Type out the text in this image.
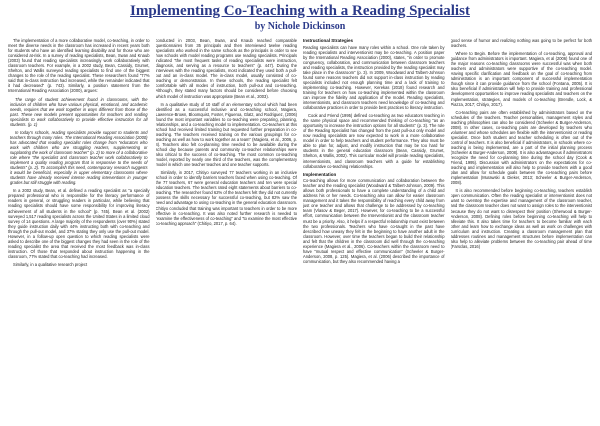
Implementing Co-Teaching with a Reading Specialist
by Nichole Dickinson

The implementation of a more collaborative model, co-teaching, in order to meet the diverse needs in the classroom has increased in recent years both for students who have an identified learning disability and for those who are considered at-risk. In a survey of reading specialists, Bean, Swan and Knaub (2003) found that reading specialists increasingly work collaboratively with classroom teachers. For example, in a 2002 study, Bean, Cassidy, Grumet, Shelton, and Wallis surveyed reading specialists to find one of the biggest changes to the role of the reading specialist. These researchers found "77% said that in-class instruction had increased, while the remainder indicated that it had decreased" (p. 743). Similarly, a position statement from the International Reading Association (2000), argues:

The range of student achievement found in classrooms, with the inclusion of children who have various physical, emotional, and academic needs, requires that we work together in ways different from those of the past. These new models present opportunities for teachers and reading specialists to work collaboratively to provide effective instruction for all students. (p. 1)

In today's schools, reading specialists provide support to students and teachers through many roles. The International Reading Association (2000) has advocated that reading specialist roles change from "educators who work with children who are struggling readers, supplementing or supplanting the work of classroom teacher" (p. 2) to more of a collaborative role where "the specialist and classroom teacher work collaboratively to implement a quality reading program that is responsive to the needs of students" (p. 2). To accomplish this need, contemporary research suggests it would be beneficial, especially in upper elementary classrooms where students have already received intense reading interventions in younger grades but still struggle with reading.

In a 2002 study, Bean, et al. defined a reading specialist as "a specially prepared professional who is responsible for the literacy performance of readers in general, or struggling readers in particular, while believing that reading specialists should have some responsibility for improving literacy achievement of all students in the school" (p. 745). Bean et al. (2002) surveyed 1,517 reading specialists across the United States in a limited cloud survey of 14 questions. A large majority of the respondents (over 90%) stated they guide instruction daily with 44% instructing both with co-teaching and through the pull-out model, and 37% stating they only use the pull-out model. However, in a follow-up open question to which reading specialists were asked to describe one of the biggest changes they had seen in the role of the reading specialist the area that received the most feedback was in-class instruction. Of those that responded about instruction happening in the classroom, 77% stated that co-teaching had increased.

Similarly, in a qualitative research project

conducted in 2003, Bean, Swan, and Knaub reached comparable questionnaires from 35 principals and then interviewed twelve reading specialists who worked in the same schools as the principals in order to see how schools with model reading programs use reading specialists. Principals indicated "the most frequent tasks of reading specialists were instruction, diagnosis, and serving as a resource to teachers" (p. 447). During the interviews with the reading specialists, most indicated they used both a pull-out and an in-class model. The in-class model, usually consisted of co-teaching or demonstration. In these schools, the reading specialist felt comfortable with all modes of instruction, both pull-out and co-teaching. Although, they stated many factors should be considered before choosing which model of instruction was appropriate (Bean et al., 2003).

In a qualitative study of 10 staff of an elementary school which had been identified as a successful inclusive and co-teaching school, Magiera, Lawrence-Brown, Bloomquist, Foster, Figueroa, Glatz, and Rodriguez, (2006) found the most important variables to co-teaching were preparing, planning, relationships, and a co-teaching model to implementation. Co-teachers at this school had received limited training but requested further preparation in co-teaching. The teachers received training on the various groupings for co-teaching as well as how to work together as a team" (Magiera, et al., 2006, p. 4). Teachers also felt co-planning time needed to be available during the school day because parents and community co-teacher relationships were also critical to the success of co-teaching. The most common co-teaching model, reported by nearly one third of the teachers, was the complementary model in which one teacher teaches and one teacher supports.

Similarly, in 2017, Chitiyo surveyed 77 teachers working in an inclusive school in order to identify barriers teachers faced when using co-teaching. Of the 77 teachers, 67 were general education teachers and ten were special education teachers. The teachers rated eight statements about barriers to co-teaching. The researcher found 62% of the teachers felt they did not currently possess the skills necessary for successful co-teaching, but 82% saw the need and advantage to using co-teaching in the general education classroom. Chitiyo concluded that training was important to teachers in order to be more effective in co-teaching. It was also noted further research is needed to "examine the effectiveness of co-teaching" and "to examine the most effective co-teaching approach" (Chitiyo, 2017, p. 64).

Instructional Strategies

Reading specialists can have many roles within a school. One role taken by reading specialists and interventionist may be co-teaching. A position paper by the International Reading Association (2000), states, "in order to promote congruency, collaboration, and communication between classroom teachers and reading specialists, the instruction provided by the reading specialist may take place in the classroom" (p. 3). In 2009, Woodward and Talbert-Johnson found some reasons teachers did not support in-class instruction by reading specialists included not enough planning time and a lack of training to implementing co-teaching. However, Kerekas (2018) found research and training for teachers on how co-teaching implemented within the classroom can improve the fidelity and application of the model. Reading specialists, interventionists, and classroom teachers need knowledge of co-teaching and collaborative practices in order to provide best practices to literacy instruction.

Cook and Friend (1995) defined co-teaching as two educators teaching in the same physical space and recommended thinking of co-teaching "as an opportunity to increase the instruction options for all students" (p. 3). The role of the Reading Specialist has changed from the past pull-out only model and now reading specialists are now expected to work in a more collaborative model in order to help teachers and student performance. They also must be able to plan for, adjust, and modify instruction that may be too hard for students in the general education classroom (Bean, Cassidy, Grumet, Shelton, & Wallis, 2002). This curricular model will provide reading specialists, interventionists, and classroom teachers with a guide for establishing collaborative co-teaching relationships.

Implementation

Co-teaching allows for more communication and collaboration between the teacher and the reading specialist (Woodward & Talbert-Johnson, 2009). This allows both professionals to have a complete understanding of a child and address his or her needs. Co-teaching also can allow for easier classroom management and it takes the responsibility of reaching every child away from just one teacher and allows that challenge to be addressed by co-teaching team (Vlasov & Beger, 2017). However, for co-teaching to be a successful effort, communication between the Interventionist and the classroom teacher must be a priority. Also, it helps if a respectful relationship must exist between the two professionals. Teachers who have co-taught in the past have described how uneasy they felt in the beginning to have another adult in the classroom. However, over time the teachers began to build their relationship and felt that the children in the classroom did well through the co-teaching experience (Magiera et al., 2006). Co-teachers within the classroom need to have "mutual respect and effective communication" (Scheeler & Burger-Anderson, 2008, p. 125). Magiera, et al. (2006) described the importance of communication, but they also recommended having a

good sense of humor and realizing nothing was going to be perfect for both teachers.

Where to Begin. Before the implementation of co-teaching, approval and guidance from administrators is important. Magiera, et al (2006) found one of the major reasons co-teaching classrooms were successful was when both teachers and administrators were supportive of the co-teaching model. Having specific clarification and feedback on the goal of co-teaching from administration is an important component of successful implementation though since it can provide guidance from the school (Fontana, 2005). It is also beneficial if administration will help to provide training and professional development opportunities to improve reading specialists and teachers on the implementation, strategies, and models of co-teaching (Brendle, Lock, & Piazza, 2017; Chitiyo, 2017).

Co-teaching pairs are often established by administrators based on the schedules of the teachers. Teacher personalities, management styles and teaching philosophies can also be considered (Scheeler & Burger-Anderson, 2008). In other cases, co-teaching pairs are developed by teachers who volunteer and whose schedules are flexible with the interventionist or reading specialist. Once both student and teacher scheduling is often out of the control of teachers. It is also beneficial if administrators, in schools where co-teaching is being implemented, are a part of the initial planning process (Scheeler & Burger-Anderson, 2008). It is also advantageous if administrators recognize the need for co-planning time during the school day (Cook & Friend, 1995). Discussion with administrators on the expectations for co-teaching and implementation will also help to provide teachers with a good plan and allow for schedule goals between the co-teaching pairs before implementation (Murawski & Dieker, 2013; Scheeler & Burger-Anderson, 2008).

It is also recommended before beginning co-teaching, teachers establish open communication. Often the reading specialist or interventionist does not want to overstep the expertise and management of the classroom teacher, and the classroom teacher does not want to assign roles to the interventionist because they do not want to disrespect their position (Sherwood & Burger-Anderson, 2008). Defining roles before beginning co-teaching will help to alleviate this. It also takes time for teachers to become familiar with each other and learn how to exchange ideas as well as work on challenges with curriculum and instruction. Creating a classroom management plan that addresses routines and management structures before implementation can also help to alleviate problems between the co-teaching pair ahead of time (Farsclas, 2016)
